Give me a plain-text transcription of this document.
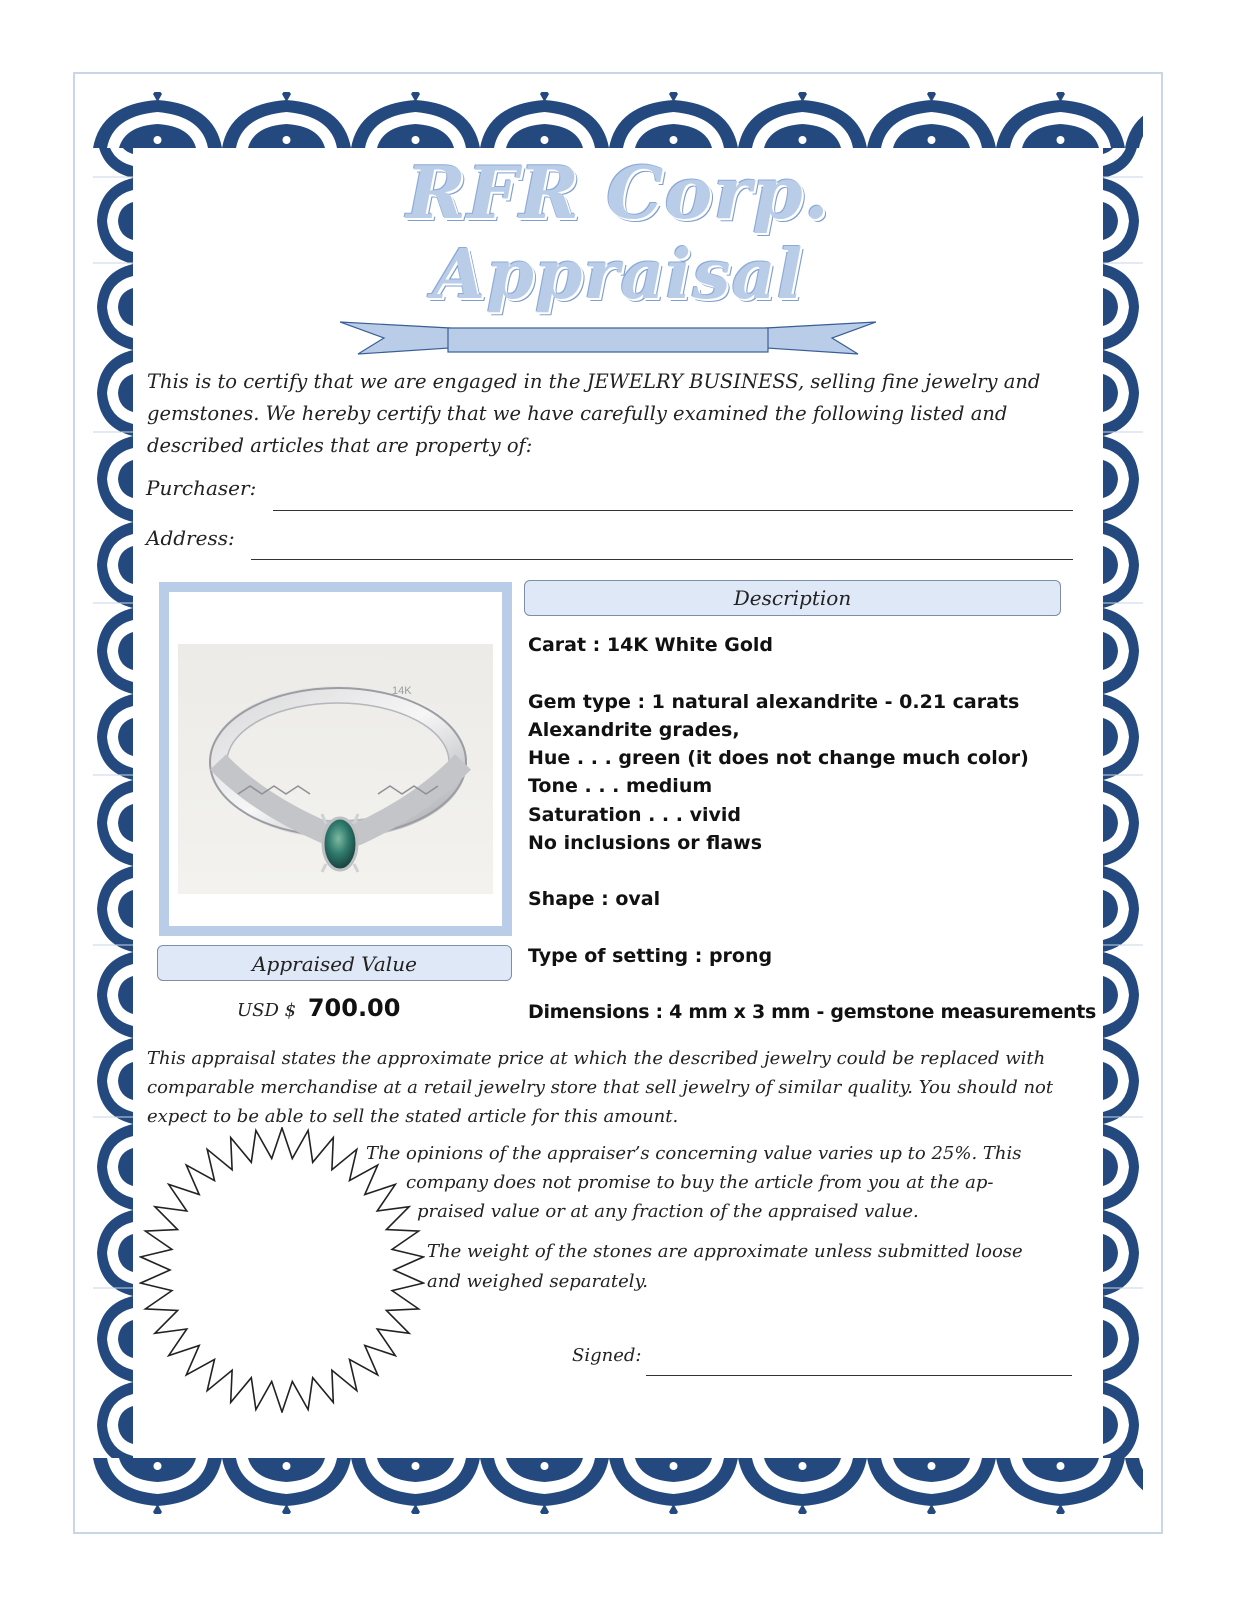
RFR Corp.
Appraisal
This is to certify that we are engaged in the JEWELRY BUSINESS, selling fine jewelry and gemstones. We hereby certify that we have carefully examined the following listed and described articles that are property of:
Purchaser:
Address:
14K
Description
Carat : 14K White Gold
Gem type : 1 natural alexandrite - 0.21 carats
Alexandrite grades,
Hue . . . green (it does not change much color)
Tone . . . medium
Saturation . . . vivid
No inclusions or flaws
Shape : oval
Type of setting : prong
Dimensions : 4 mm x 3 mm - gemstone measurements
Appraised Value
USD $ 700.00
This appraisal states the approximate price at which the described jewelry could be replaced with comparable merchandise at a retail jewelry store that sell jewelry of similar quality. You should not expect to be able to sell the stated article for this amount.
The opinions of the appraiser’s concerning value varies up to 25%. This
company does not promise to buy the article from you at the ap-
praised value or at any fraction of the appraised value.
The weight of the stones are approximate unless submitted loose
and weighed separately.
Signed:
